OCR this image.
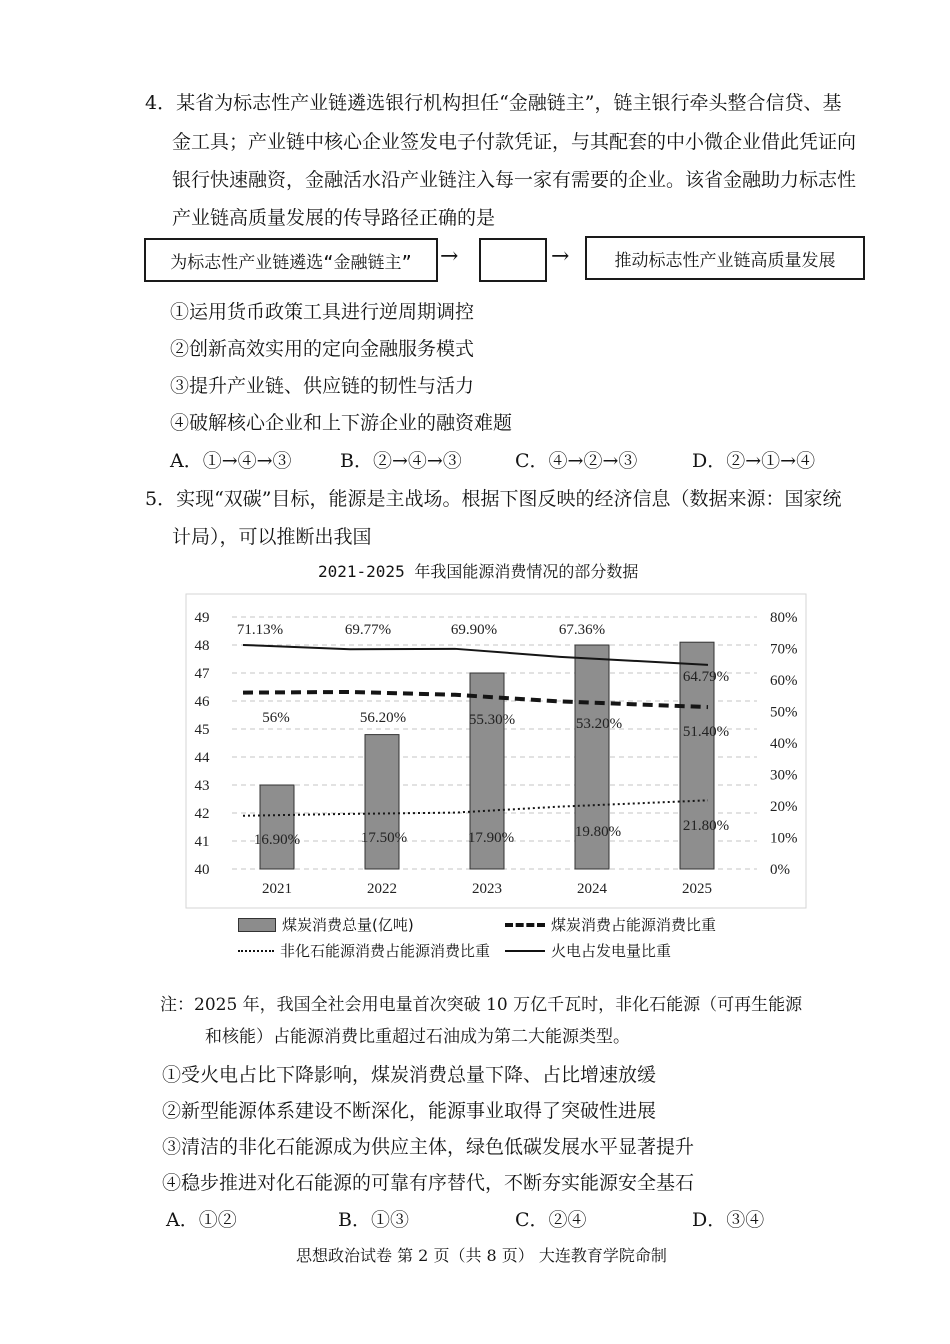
4．某省为标志性产业链遴选银行机构担任“金融链主”，链主银行牵头整合信贷、基
金工具；产业链中核心企业签发电子付款凭证，与其配套的中小微企业借此凭证向
银行快速融资，金融活水沿产业链注入每一家有需要的企业。该省金融助力标志性
产业链高质量发展的传导路径正确的是
为标志性产业链遴选“金融链主”	→	→	推动标志性产业链高质量发展
①运用货币政策工具进行逆周期调控
②创新高效实用的定向金融服务模式
③提升产业链、供应链的韧性与活力
④破解核心企业和上下游企业的融资难题
A．①→④→③	B．②→④→③	C．④→②→③	D．②→①→④
5．实现“双碳”目标，能源是主战场。根据下图反映的经济信息（数据来源：国家统
计局），可以推断出我国
2021-2025 年我国能源消费情况的部分数据
40
41
42
43
44
45
46
47
48
49
0%
10%
20%
30%
40%
50%
60%
70%
80%
2021	2022	2023	2024	2025
71.13%	69.77%	69.90%	67.36%
64.79%
56%	56.20%	55.30%	53.20%	51.40%
16.90%	17.50%	17.90%	19.80%	21.80%
煤炭消费总量(亿吨)	煤炭消费占能源消费比重
非化石能源消费占能源消费比重	火电占发电量比重
注：2025 年，我国全社会用电量首次突破 10 万亿千瓦时，非化石能源（可再生能源
和核能）占能源消费比重超过石油成为第二大能源类型。
①受火电占比下降影响，煤炭消费总量下降、占比增速放缓
②新型能源体系建设不断深化，能源事业取得了突破性进展
③清洁的非化石能源成为供应主体，绿色低碳发展水平显著提升
④稳步推进对化石能源的可靠有序替代，不断夯实能源安全基石
A．①②	B．①③	C．②④	D．③④
思想政治试卷 第 2 页（共 8 页） 大连教育学院命制
